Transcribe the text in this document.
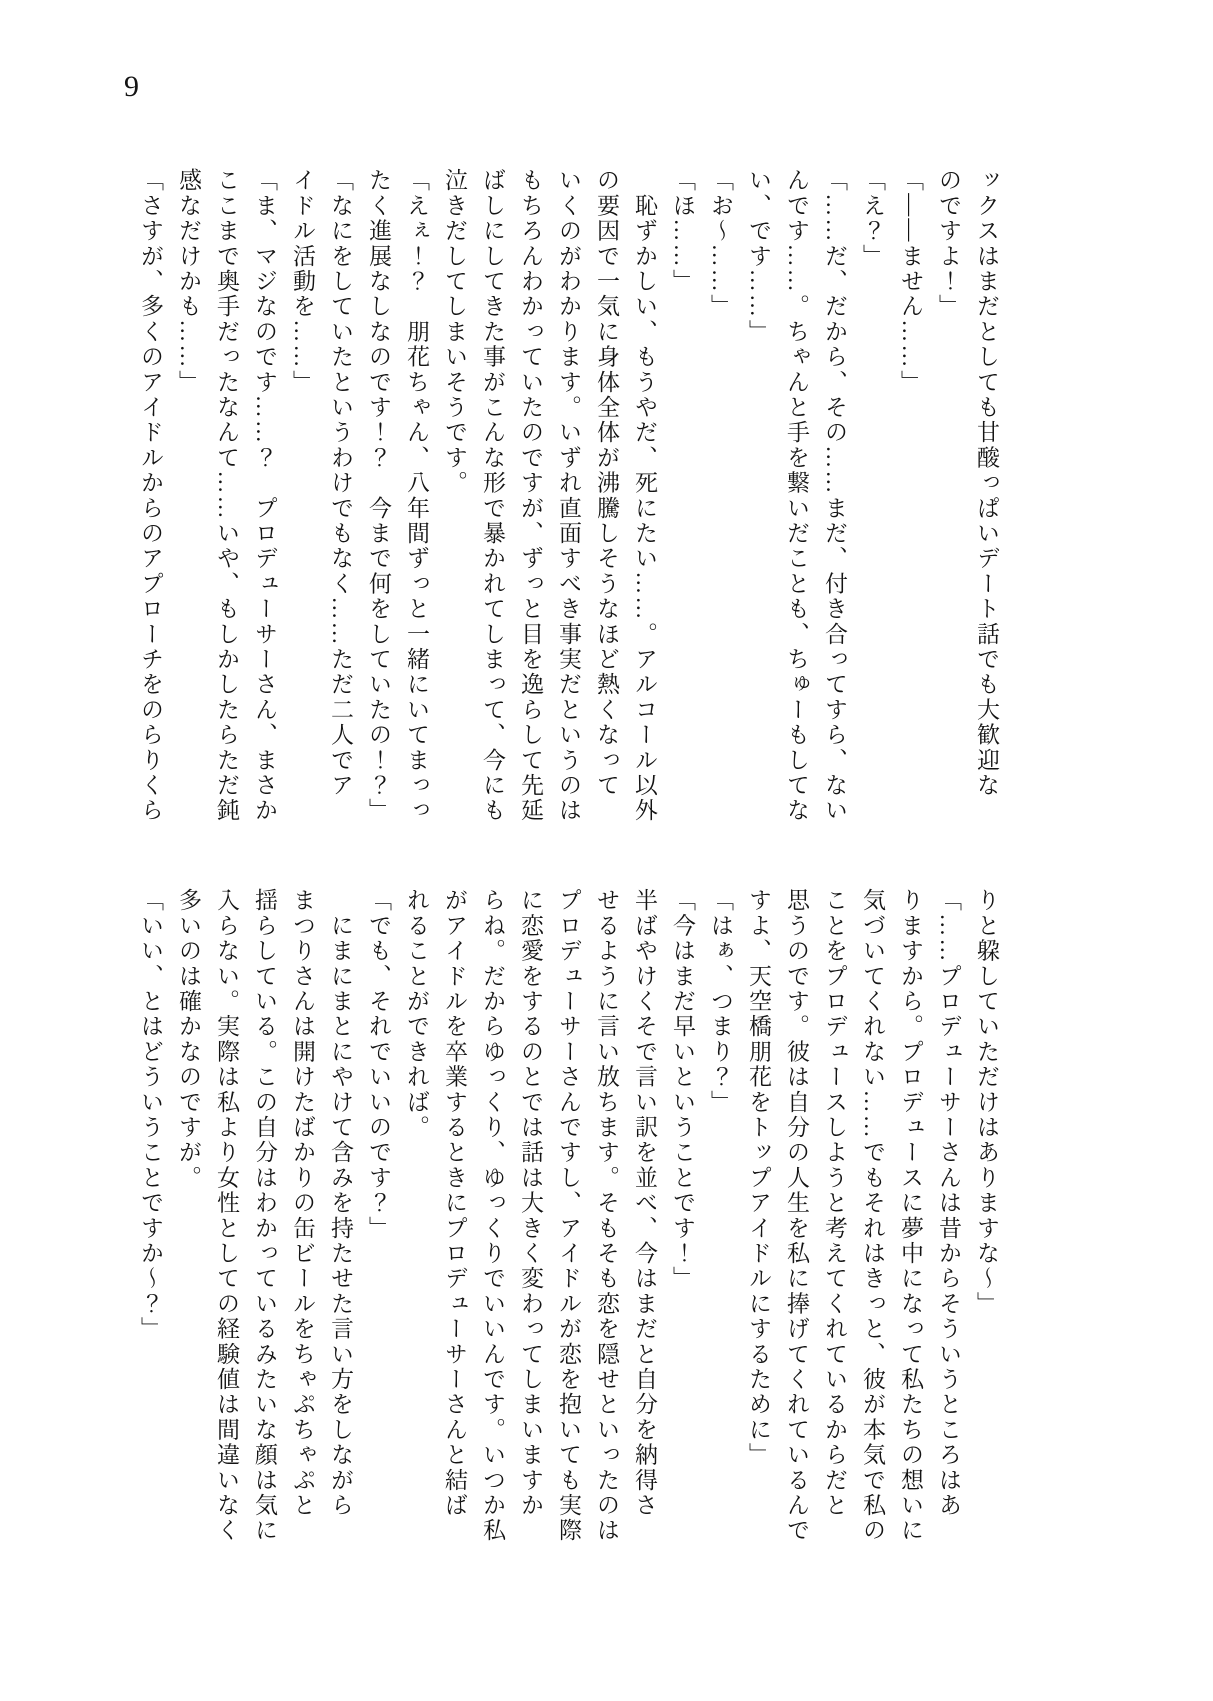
9
ックスはまだとしても甘酸っぱいデート話でも大歓迎な
のですよ！」
「――ません……」
「え？」
「……だ、だから、その……まだ、付き合ってすら、ない
んです……。ちゃんと手を繋いだことも、ちゅーもしてな
い、です……」
「お～……」
「ほ……」
　恥ずかしい、もうやだ、死にたい……。アルコール以外
の要因で一気に身体全体が沸騰しそうなほど熱くなって
いくのがわかります。いずれ直面すべき事実だというのは
もちろんわかっていたのですが、ずっと目を逸らして先延
ばしにしてきた事がこんな形で暴かれてしまって、今にも
泣きだしてしまいそうです。
「えぇ！？　朋花ちゃん、八年間ずっと一緒にいてまっっ
たく進展なしなのです！？　今まで何をしていたの！？」
「なにをしていたというわけでもなく……ただ二人でア
イドル活動を……」
「ま、マジなのです……？　プロデューサーさん、まさか
ここまで奥手だったなんて……いや、もしかしたらただ鈍
感なだけかも……」
「さすが、多くのアイドルからのアプローチをのらりくら
りと躱していただけはありますな～」
「……プロデューサーさんは昔からそういうところはあ
りますから。プロデュースに夢中になって私たちの想いに
気づいてくれない……でもそれはきっと、彼が本気で私の
ことをプロデュースしようと考えてくれているからだと
思うのです。彼は自分の人生を私に捧げてくれているんで
すよ、天空橋朋花をトップアイドルにするために」
「はぁ、つまり？」
「今はまだ早いということです！」
半ばやけくそで言い訳を並べ、今はまだと自分を納得さ
せるように言い放ちます。そもそも恋を隠せといったのは
プロデューサーさんですし、アイドルが恋を抱いても実際
に恋愛をするのとでは話は大きく変わってしまいますか
らね。だからゆっくり、ゆっくりでいいんです。いつか私
がアイドルを卒業するときにプロデューサーさんと結ば
れることができれば。
「でも、それでいいのです？」
　にまにまとにやけて含みを持たせた言い方をしながら
まつりさんは開けたばかりの缶ビールをちゃぷちゃぷと
揺らしている。この自分はわかっているみたいな顔は気に
入らない。実際は私より女性としての経験値は間違いなく
多いのは確かなのですが。
「いい、とはどういうことですか～？」
